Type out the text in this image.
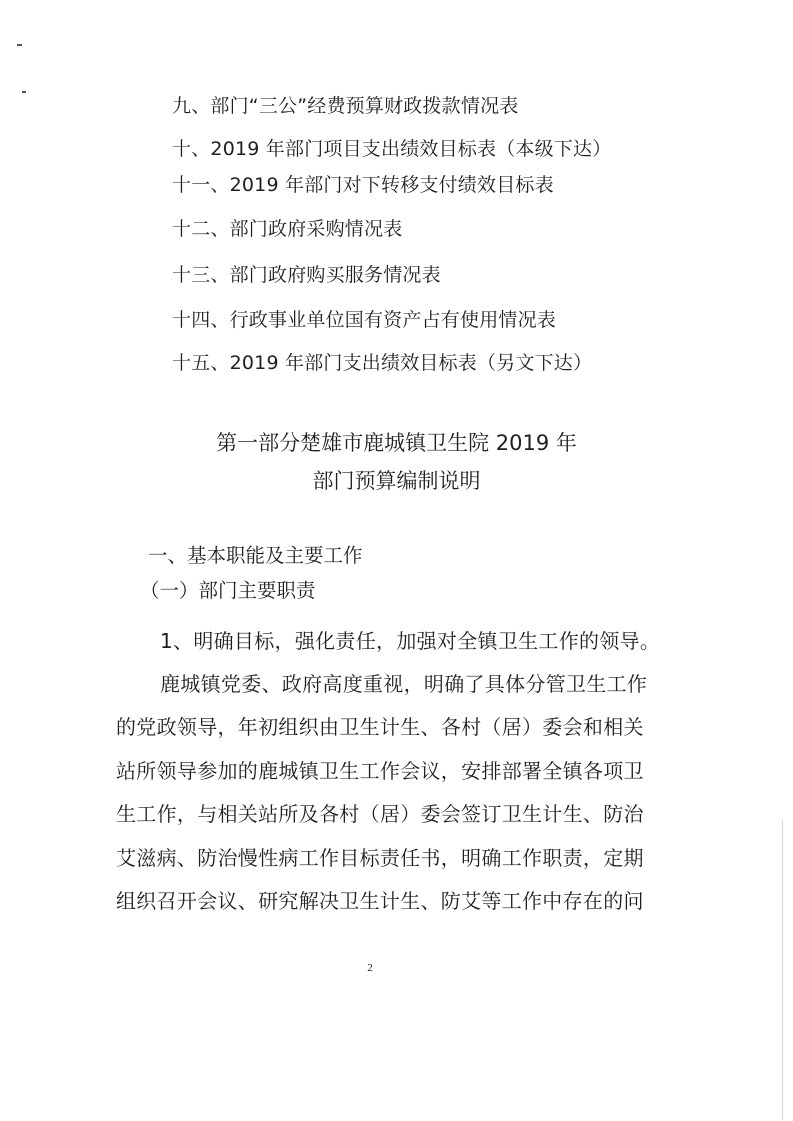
九、部门“三公”经费预算财政拨款情况表
十、2019 年部门项目支出绩效目标表（本级下达）
十一、2019 年部门对下转移支付绩效目标表
十二、部门政府采购情况表
十三、部门政府购买服务情况表
十四、行政事业单位国有资产占有使用情况表
十五、2019 年部门支出绩效目标表（另文下达）
第一部分楚雄市鹿城镇卫生院 2019 年
部门预算编制说明
一、基本职能及主要工作
（一）部门主要职责
1、明确目标，强化责任，加强对全镇卫生工作的领导。
鹿城镇党委、政府高度重视，明确了具体分管卫生工作
的党政领导，年初组织由卫生计生、各村（居）委会和相关
站所领导参加的鹿城镇卫生工作会议，安排部署全镇各项卫
生工作，与相关站所及各村（居）委会签订卫生计生、防治
艾滋病、防治慢性病工作目标责任书，明确工作职责，定期
组织召开会议、研究解决卫生计生、防艾等工作中存在的问
2
